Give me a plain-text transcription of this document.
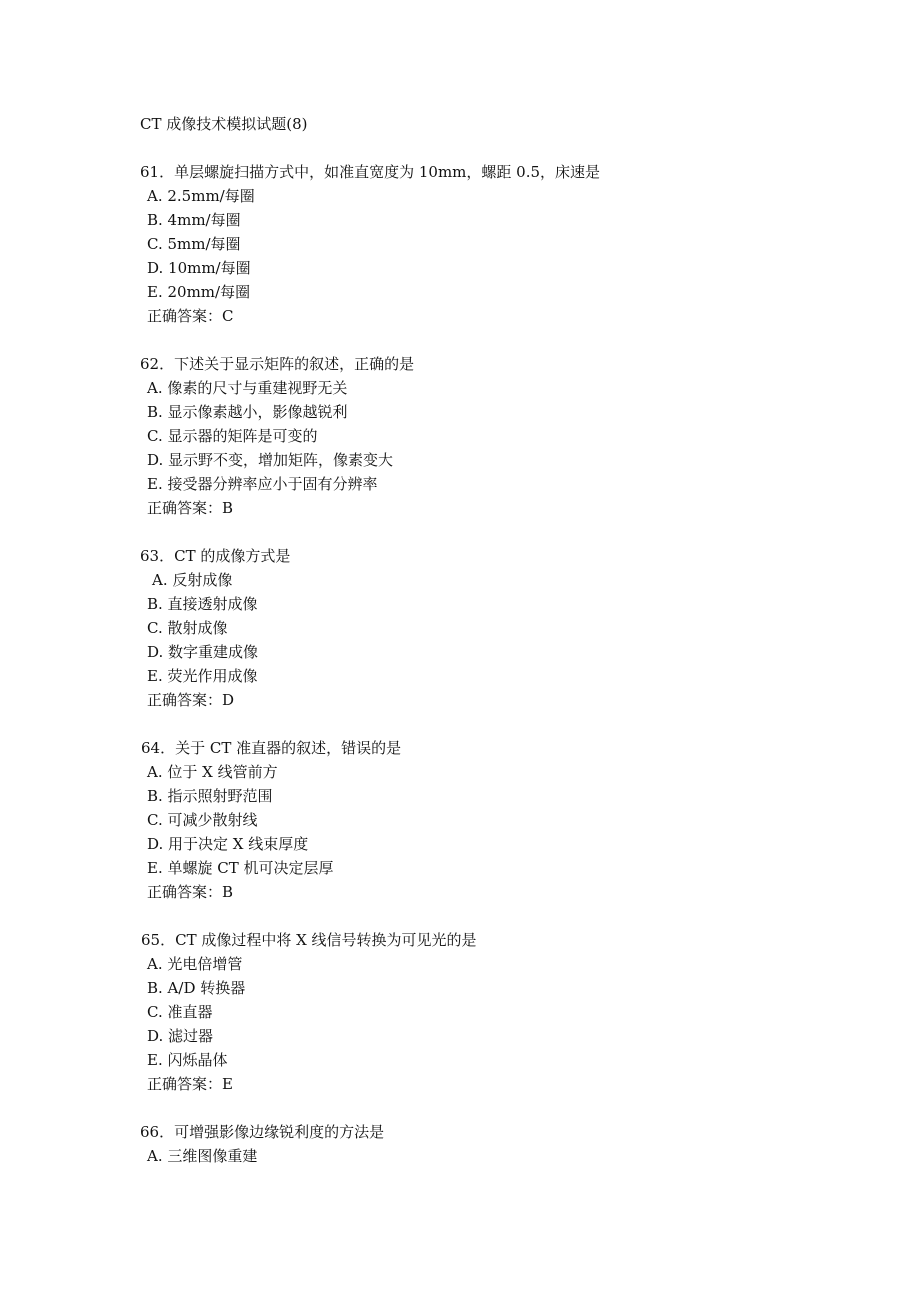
CT 成像技术模拟试题(8)
61．单层螺旋扫描方式中，如准直宽度为 10mm，螺距 0.5，床速是
A. 2.5mm/每圈
B. 4mm/每圈
C. 5mm/每圈
D. 10mm/每圈
E. 20mm/每圈
正确答案：C
62．下述关于显示矩阵的叙述，正确的是
A. 像素的尺寸与重建视野无关
B. 显示像素越小，影像越锐利
C. 显示器的矩阵是可变的
D. 显示野不变，增加矩阵，像素变大
E. 接受器分辨率应小于固有分辨率
正确答案：B
63．CT 的成像方式是
A. 反射成像
B. 直接透射成像
C. 散射成像
D. 数字重建成像
E. 荧光作用成像
正确答案：D
64．关于 CT 准直器的叙述，错误的是
A. 位于 X 线管前方
B. 指示照射野范围
C. 可减少散射线
D. 用于决定 X 线束厚度
E. 单螺旋 CT 机可决定层厚
正确答案：B
65．CT 成像过程中将 X 线信号转换为可见光的是
A. 光电倍增管
B. A/D 转换器
C. 准直器
D. 滤过器
E. 闪烁晶体
正确答案：E
66．可增强影像边缘锐利度的方法是
A. 三维图像重建
